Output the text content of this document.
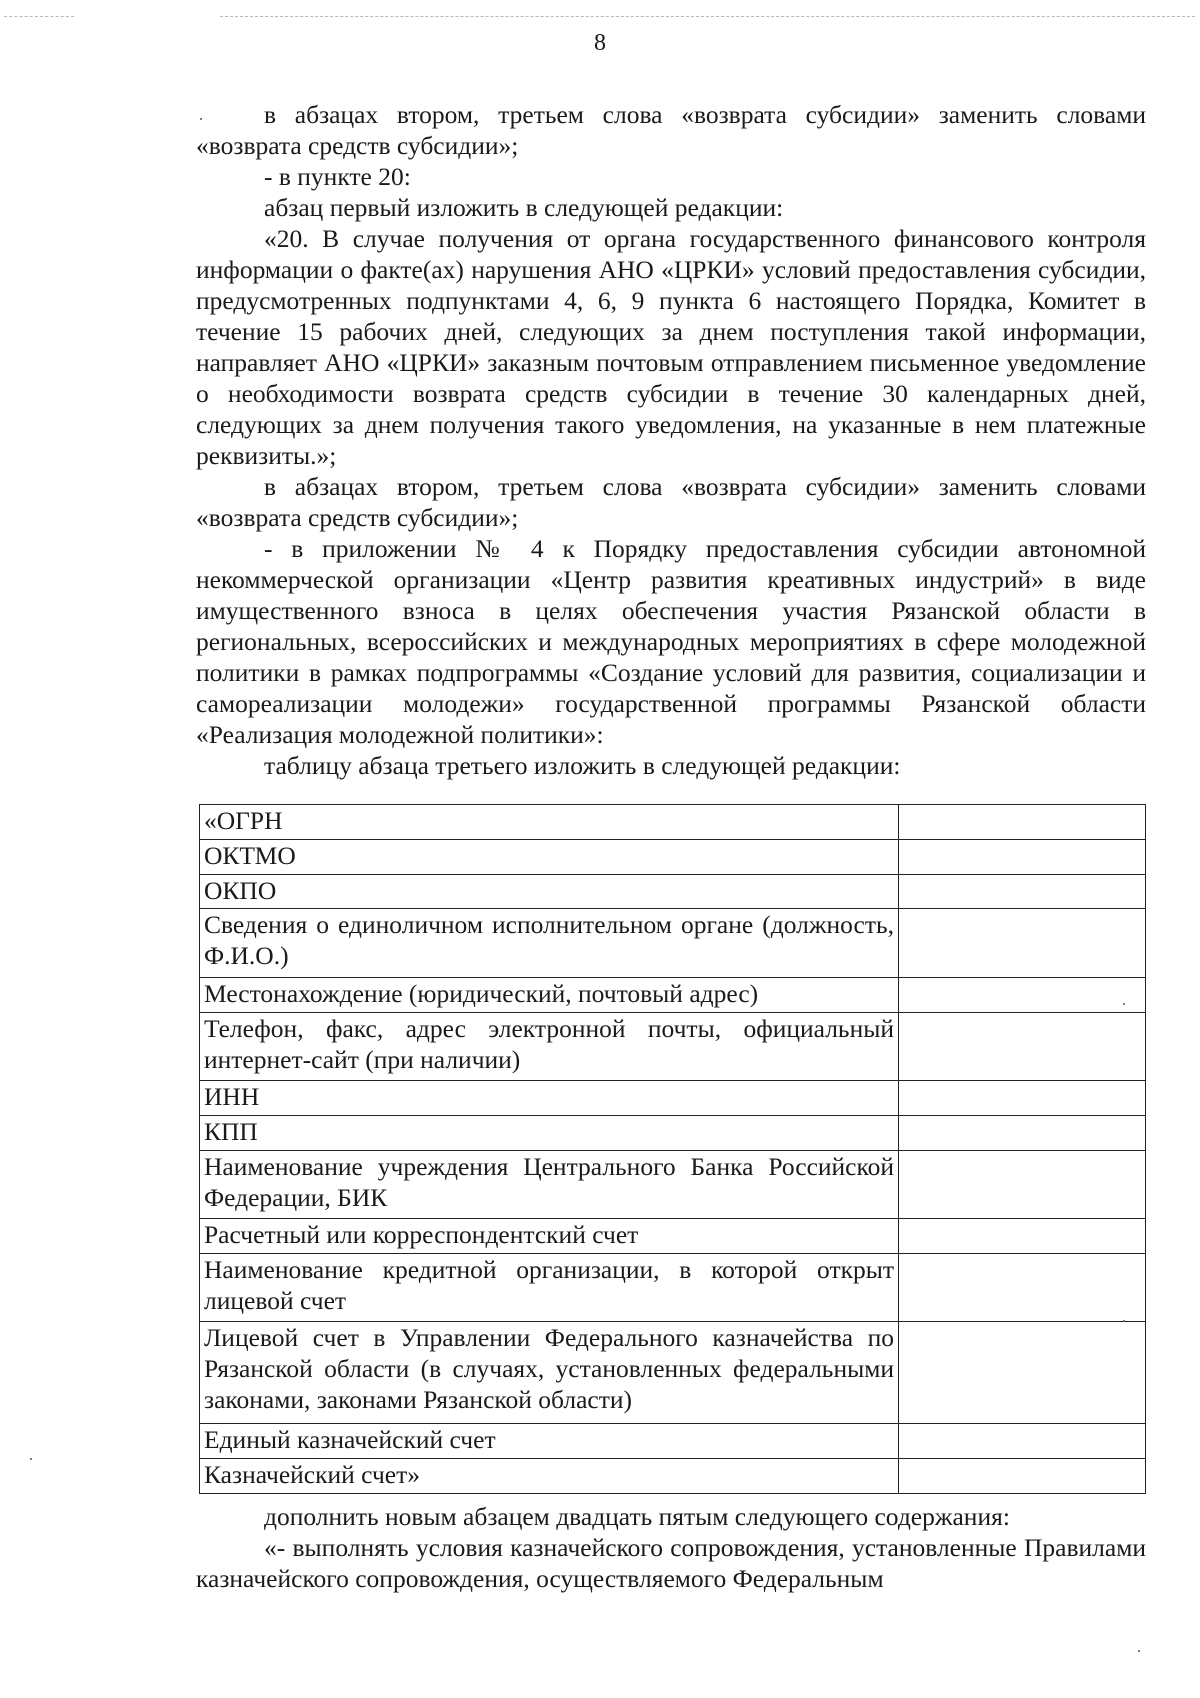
8

в абзацах втором, третьем слова «возврата субсидии» заменить словами «возврата средств субсидии»;

- в пункте 20:

абзац первый изложить в следующей редакции:

«20. В случае получения от органа государственного финансового контроля информации о факте(ах) нарушения АНО «ЦРКИ» условий предоставления субсидии, предусмотренных подпунктами 4, 6, 9 пункта 6 настоящего Порядка, Комитет в течение 15 рабочих дней, следующих за днем поступления такой информации, направляет АНО «ЦРКИ» заказным почтовым отправлением письменное уведомление о необходимости возврата средств субсидии в течение 30 календарных дней, следующих за днем получения такого уведомления, на указанные в нем платежные реквизиты.»;

в абзацах втором, третьем слова «возврата субсидии» заменить словами «возврата средств субсидии»;

- в приложении № 4 к Порядку предоставления субсидии автономной некоммерческой организации «Центр развития креативных индустрий» в виде имущественного взноса в целях обеспечения участия Рязанской области в региональных, всероссийских и международных мероприятиях в сфере молодежной политики в рамках подпрограммы «Создание условий для развития, социализации и самореализации молодежи» государственной программы Рязанской области «Реализация молодежной политики»:

таблицу абзаца третьего изложить в следующей редакции:

«ОГРН	
ОКТМО	
ОКПО	
Сведения о единоличном исполнительном органе (должность, Ф.И.О.)	
Местонахождение (юридический, почтовый адрес)	
Телефон, факс, адрес электронной почты, официальный интернет-сайт (при наличии)	
ИНН	
КПП	
Наименование учреждения Центрального Банка Российской Федерации, БИК	
Расчетный или корреспондентский счет	
Наименование кредитной организации, в которой открыт лицевой счет	
Лицевой счет в Управлении Федерального казначейства по Рязанской области (в случаях, установленных федеральными законами, законами Рязанской области)	
Единый казначейский счет	
Казначейский счет»	

дополнить новым абзацем двадцать пятым следующего содержания:

«- выполнять условия казначейского сопровождения, установленные Правилами казначейского сопровождения, осуществляемого Федеральным
